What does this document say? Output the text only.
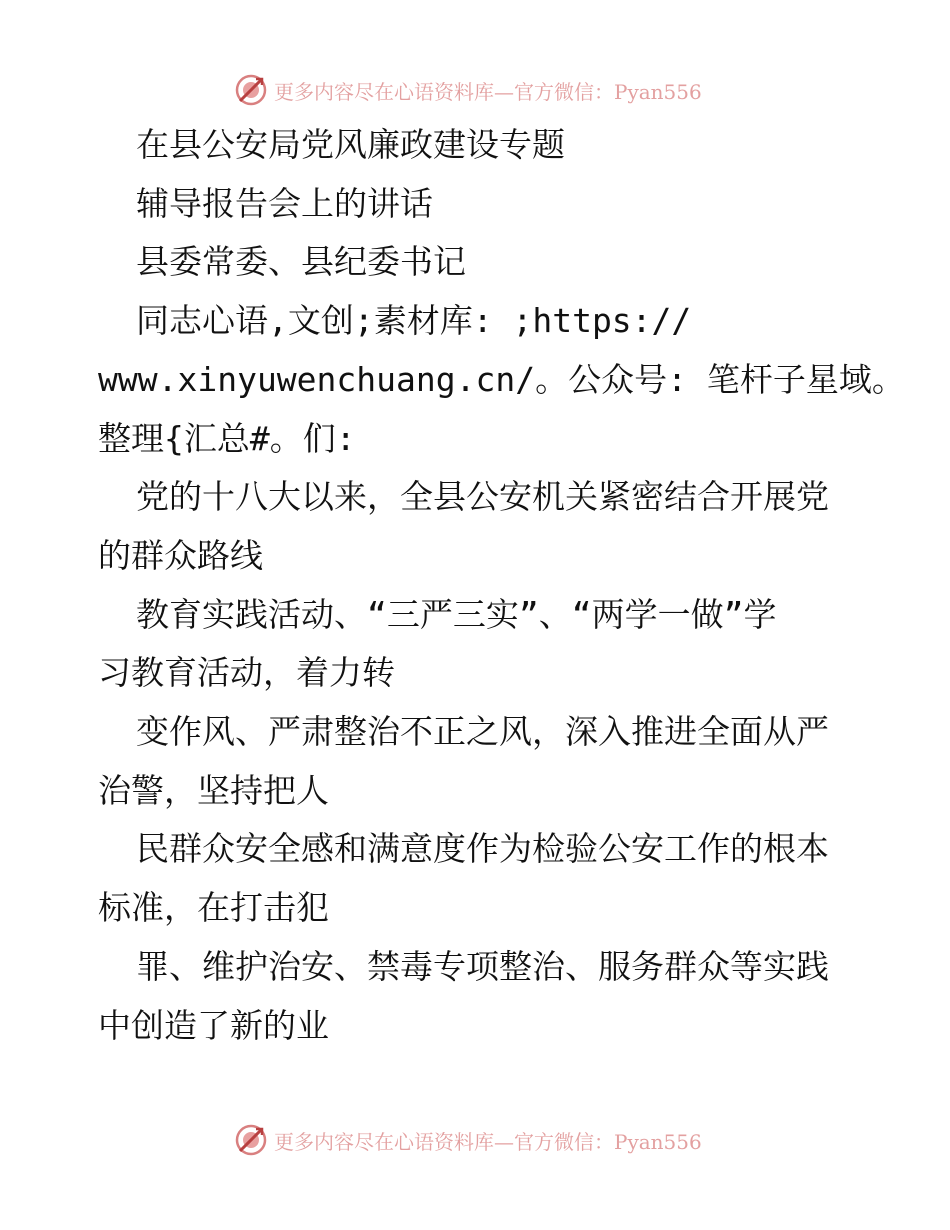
更多内容尽在心语资料库—官方微信：Pyan556

在县公安局党风廉政建设专题

辅导报告会上的讲话

县委常委、县纪委书记

同志心语,文创;素材库: ;https://

www.xinyuwenchuang.cn/。公众号: 笔杆子星域。

整理{汇总#。们:

党的十八大以来，全县公安机关紧密结合开展党

的群众路线

教育实践活动、“三严三实”、“两学一做”学

习教育活动，着力转

变作风、严肃整治不正之风，深入推进全面从严

治警，坚持把人

民群众安全感和满意度作为检验公安工作的根本

标准，在打击犯

罪、维护治安、禁毒专项整治、服务群众等实践

中创造了新的业

更多内容尽在心语资料库—官方微信：Pyan556
